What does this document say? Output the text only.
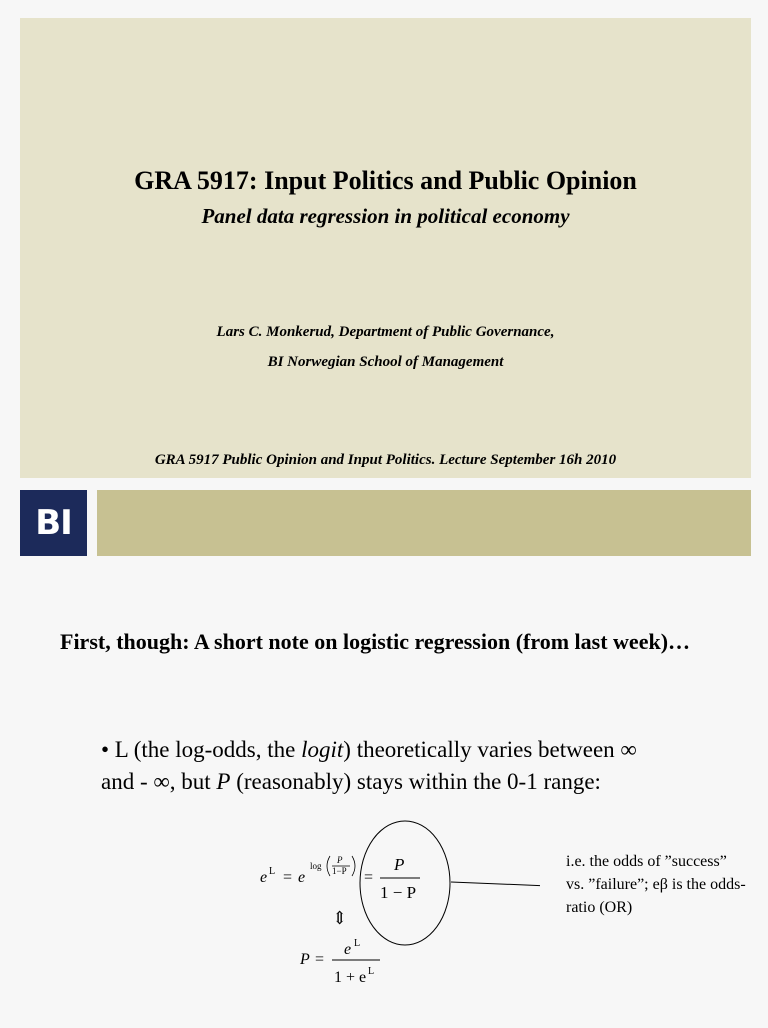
GRA 5917: Input Politics and Public Opinion
Panel data regression in political economy
Lars C. Monkerud, Department of Public Governance,
BI Norwegian School of Management
GRA 5917 Public Opinion and Input Politics. Lecture September 16h 2010
BI
First, though: A short note on logistic regression (from last week)…
• L (the log-odds, the logit) theoretically varies between ∞ and - ∞, but P (reasonably) stays within the 0-1 range:
e L = e
log
P
1−P =
P
1 − P
⇕
P =
e L
1 + e L
i.e. the odds of ”success” vs. ”failure”; eβ is the odds-ratio (OR)
